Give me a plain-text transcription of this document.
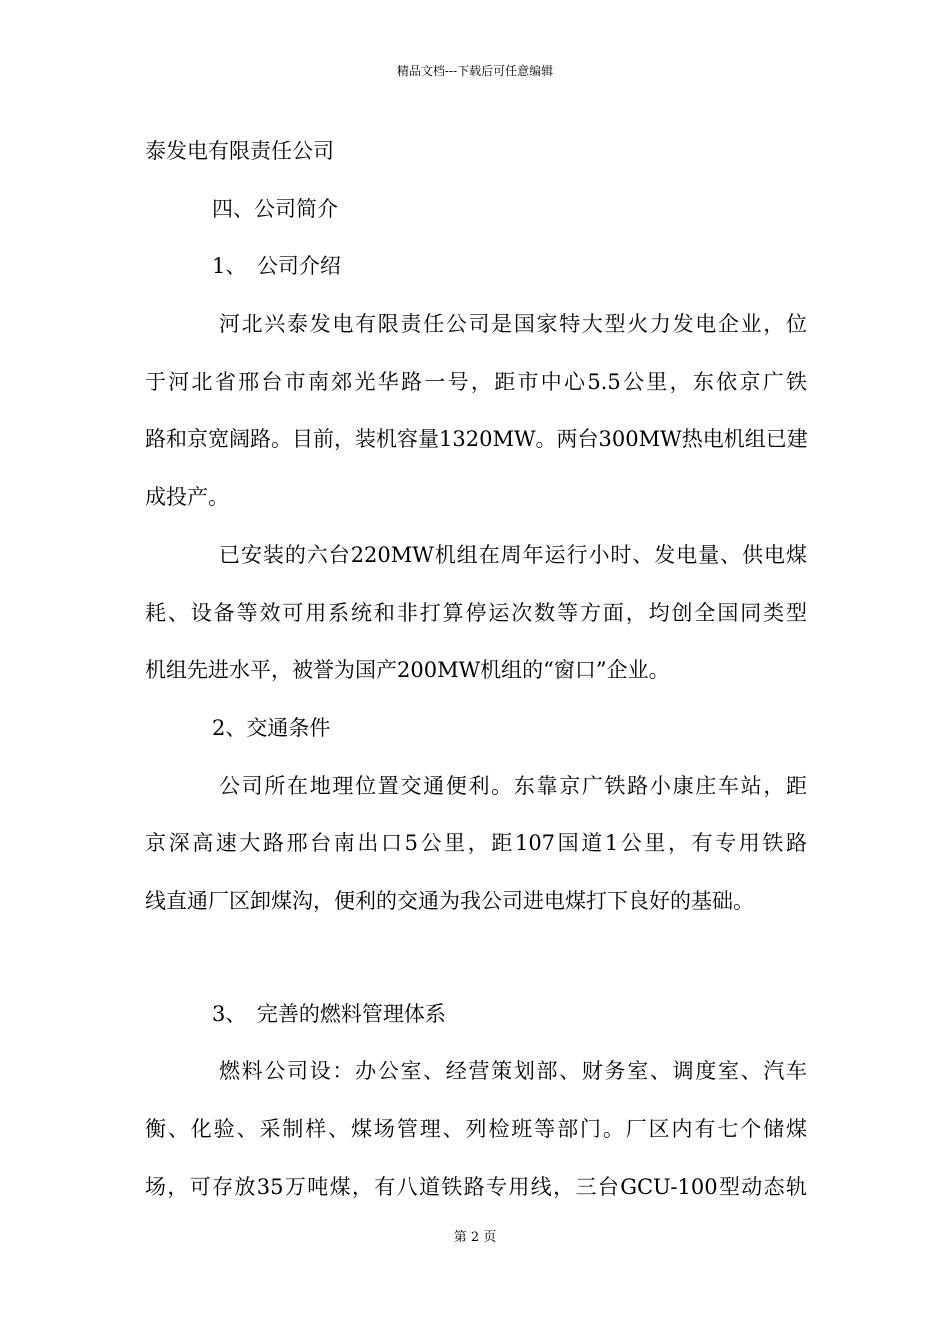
精品文档---下载后可任意编辑
泰发电有限责任公司
四、公司简介
1、　公司介绍
河北兴泰发电有限责任公司是国家特大型火力发电企业，位
于河北省邢台市南郊光华路一号，距市中心5.5公里，东依京广铁
路和京宽阔路。目前，装机容量1320MW。两台300MW热电机组已建
成投产。
已安装的六台220MW机组在周年运行小时、发电量、供电煤
耗、设备等效可用系统和非打算停运次数等方面，均创全国同类型
机组先进水平，被誉为国产200MW机组的“窗口”企业。
2、交通条件
公司所在地理位置交通便利。东靠京广铁路小康庄车站，距
京深高速大路邢台南出口5公里，距107国道1公里，有专用铁路
线直通厂区卸煤沟，便利的交通为我公司进电煤打下良好的基础。
3、　完善的燃料管理体系
燃料公司设：办公室、经营策划部、财务室、调度室、汽车
衡、化验、采制样、煤场管理、列检班等部门。厂区内有七个储煤
场，可存放35万吨煤，有八道铁路专用线，三台GCU-100型动态轨
第 2 页
